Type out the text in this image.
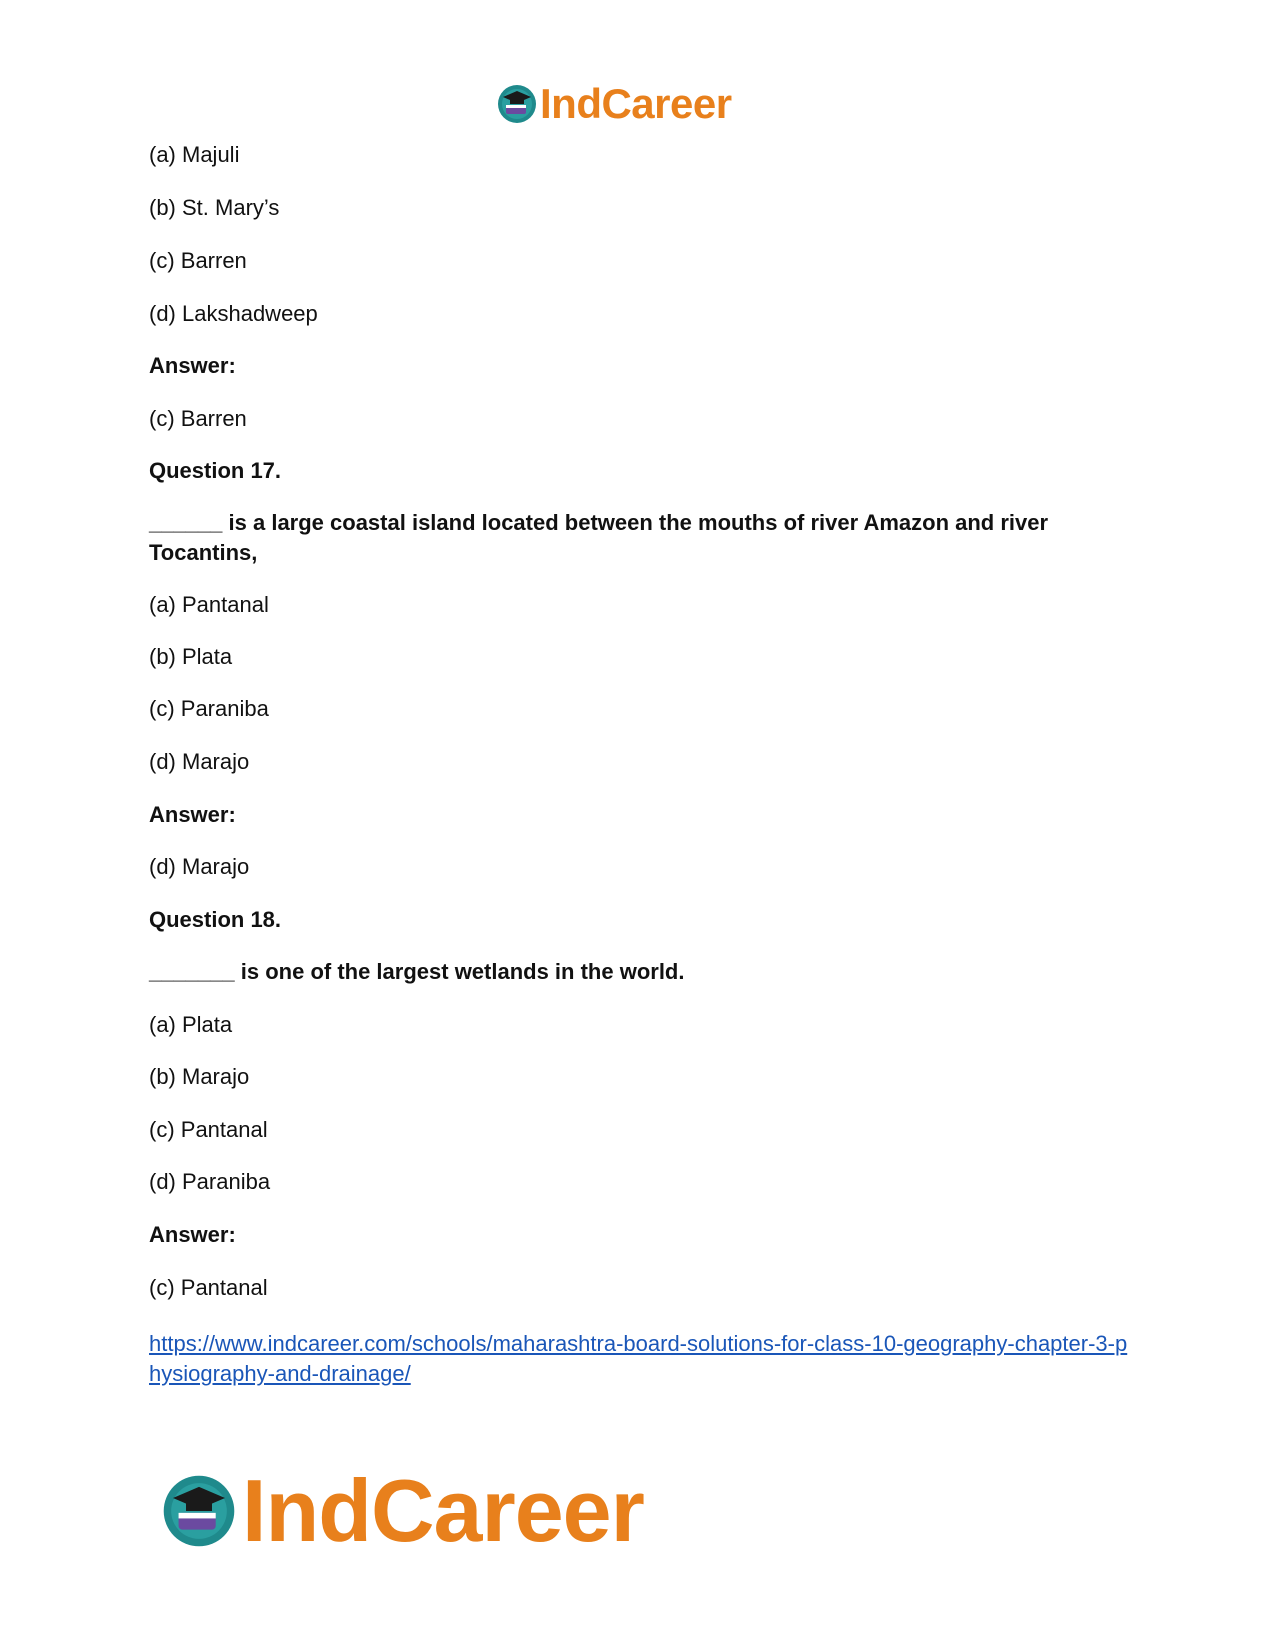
IndCareer
(a) Majuli
(b) St. Mary’s
(c) Barren
(d) Lakshadweep
Answer:
(c) Barren
Question 17.
______ is a large coastal island located between the mouths of river Amazon and river Tocantins,
(a) Pantanal
(b) Plata
(c) Paraniba
(d) Marajo
Answer:
(d) Marajo
Question 18.
_______ is one of the largest wetlands in the world.
(a) Plata
(b) Marajo
(c) Pantanal
(d) Paraniba
Answer:
(c) Pantanal
https://www.indcareer.com/schools/maharashtra-board-solutions-for-class-10-geography-chapter-3-physiography-and-drainage/
IndCareer
